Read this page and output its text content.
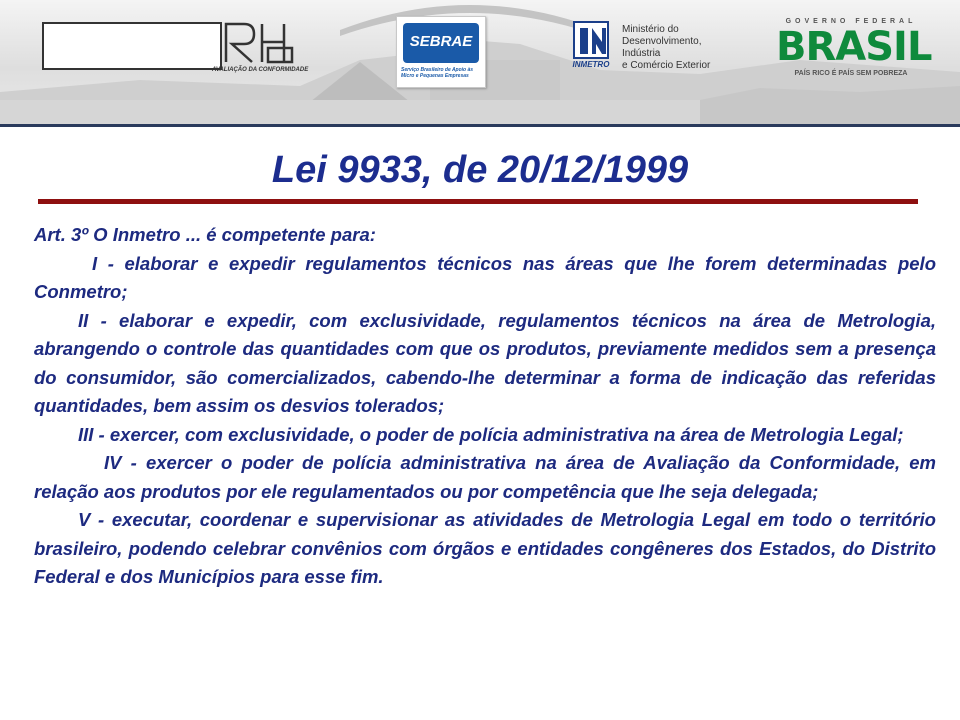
AVALIAÇÃO DA CONFORMIDADE
SEBRAE
Serviço Brasileiro de Apoio às Micro e Pequenas Empresas
INMETRO
Ministério do
Desenvolvimento, Indústria
e Comércio Exterior
GOVERNO FEDERAL
BRASIL
PAÍS RICO É PAÍS SEM POBREZA
Lei 9933, de 20/12/1999

Art. 3º O Inmetro ... é competente para:

I - elaborar e expedir regulamentos técnicos nas áreas que lhe forem determinadas pelo Conmetro;

II - elaborar e expedir, com exclusividade, regulamentos técnicos na área de Metrologia, abrangendo o controle das quantidades com que os produtos, previamente medidos sem a presença do consumidor, são comercializados, cabendo-lhe determinar a forma de indicação das referidas quantidades, bem assim os desvios tolerados;

III - exercer, com exclusividade, o poder de polícia administrativa na área de Metrologia Legal;

IV - exercer o poder de polícia administrativa na área de Avaliação da Conformidade, em relação aos produtos por ele regulamentados ou por competência que lhe seja delegada;

V - executar, coordenar e supervisionar as atividades de Metrologia Legal em todo o território brasileiro, podendo celebrar convênios com órgãos e entidades congêneres dos Estados, do Distrito Federal e dos Municípios para esse fim.
